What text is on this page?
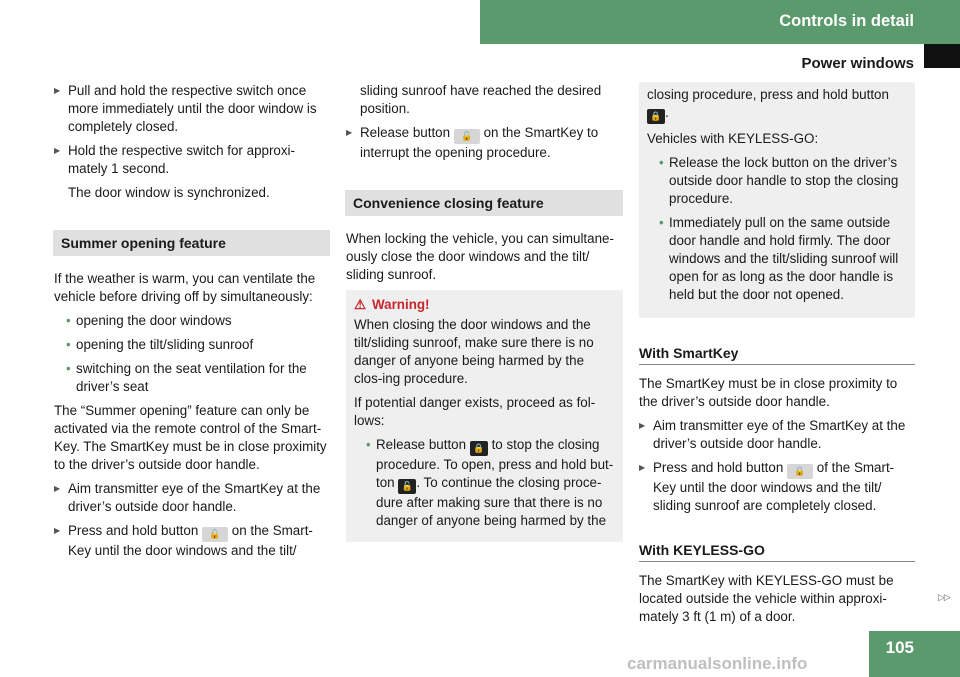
Controls in detail
Power windows
▶ Pull and hold the respective switch once more immediately until the door window is completely closed.
▶ Hold the respective switch for approxi-mately 1 second.
The door window is synchronized.
Summer opening feature

If the weather is warm, you can ventilate the vehicle before driving off by simultaneously:

• opening the door windows
• opening the tilt/sliding sunroof
• switching on the seat ventilation for the driver’s seat

The “Summer opening” feature can only be activated via the remote control of the Smart-Key. The SmartKey must be in close proximity to the driver’s outside door handle.

▶ Aim transmitter eye of the SmartKey at the driver’s outside door handle.
▶ Press and hold button 🔓 on the Smart-Key until the door windows and the tilt/
sliding sunroof have reached the desired position.
▶ Release button 🔓 on the SmartKey to interrupt the opening procedure.
Convenience closing feature

When locking the vehicle, you can simultane-ously close the door windows and the tilt/ sliding sunroof.

⚠ Warning!

When closing the door windows and the tilt/sliding sunroof, make sure there is no danger of anyone being harmed by the clos-ing procedure.

If potential danger exists, proceed as fol-lows:

• Release button 🔒 to stop the closing procedure. To open, press and hold but-ton 🔓 . To continue the closing proce-dure after making sure that there is no danger of anyone being harmed by the

closing procedure, press and hold button 🔒 .

Vehicles with KEYLESS-GO:

• Release the lock button on the driver’s outside door handle to stop the closing procedure.
• Immediately pull on the same outside door handle and hold firmly. The door windows and the tilt/sliding sunroof will open for as long as the door handle is held but the door not opened.
With SmartKey

The SmartKey must be in close proximity to the driver’s outside door handle.

▶ Aim transmitter eye of the SmartKey at the driver’s outside door handle.
▶ Press and hold button 🔒 of the Smart-Key until the door windows and the tilt/ sliding sunroof are completely closed.
With KEYLESS-GO

The SmartKey with KEYLESS-GO must be located outside the vehicle within approxi-mately 3 ft (1 m) of a door.

▷▷
105
carmanualsonline.info
